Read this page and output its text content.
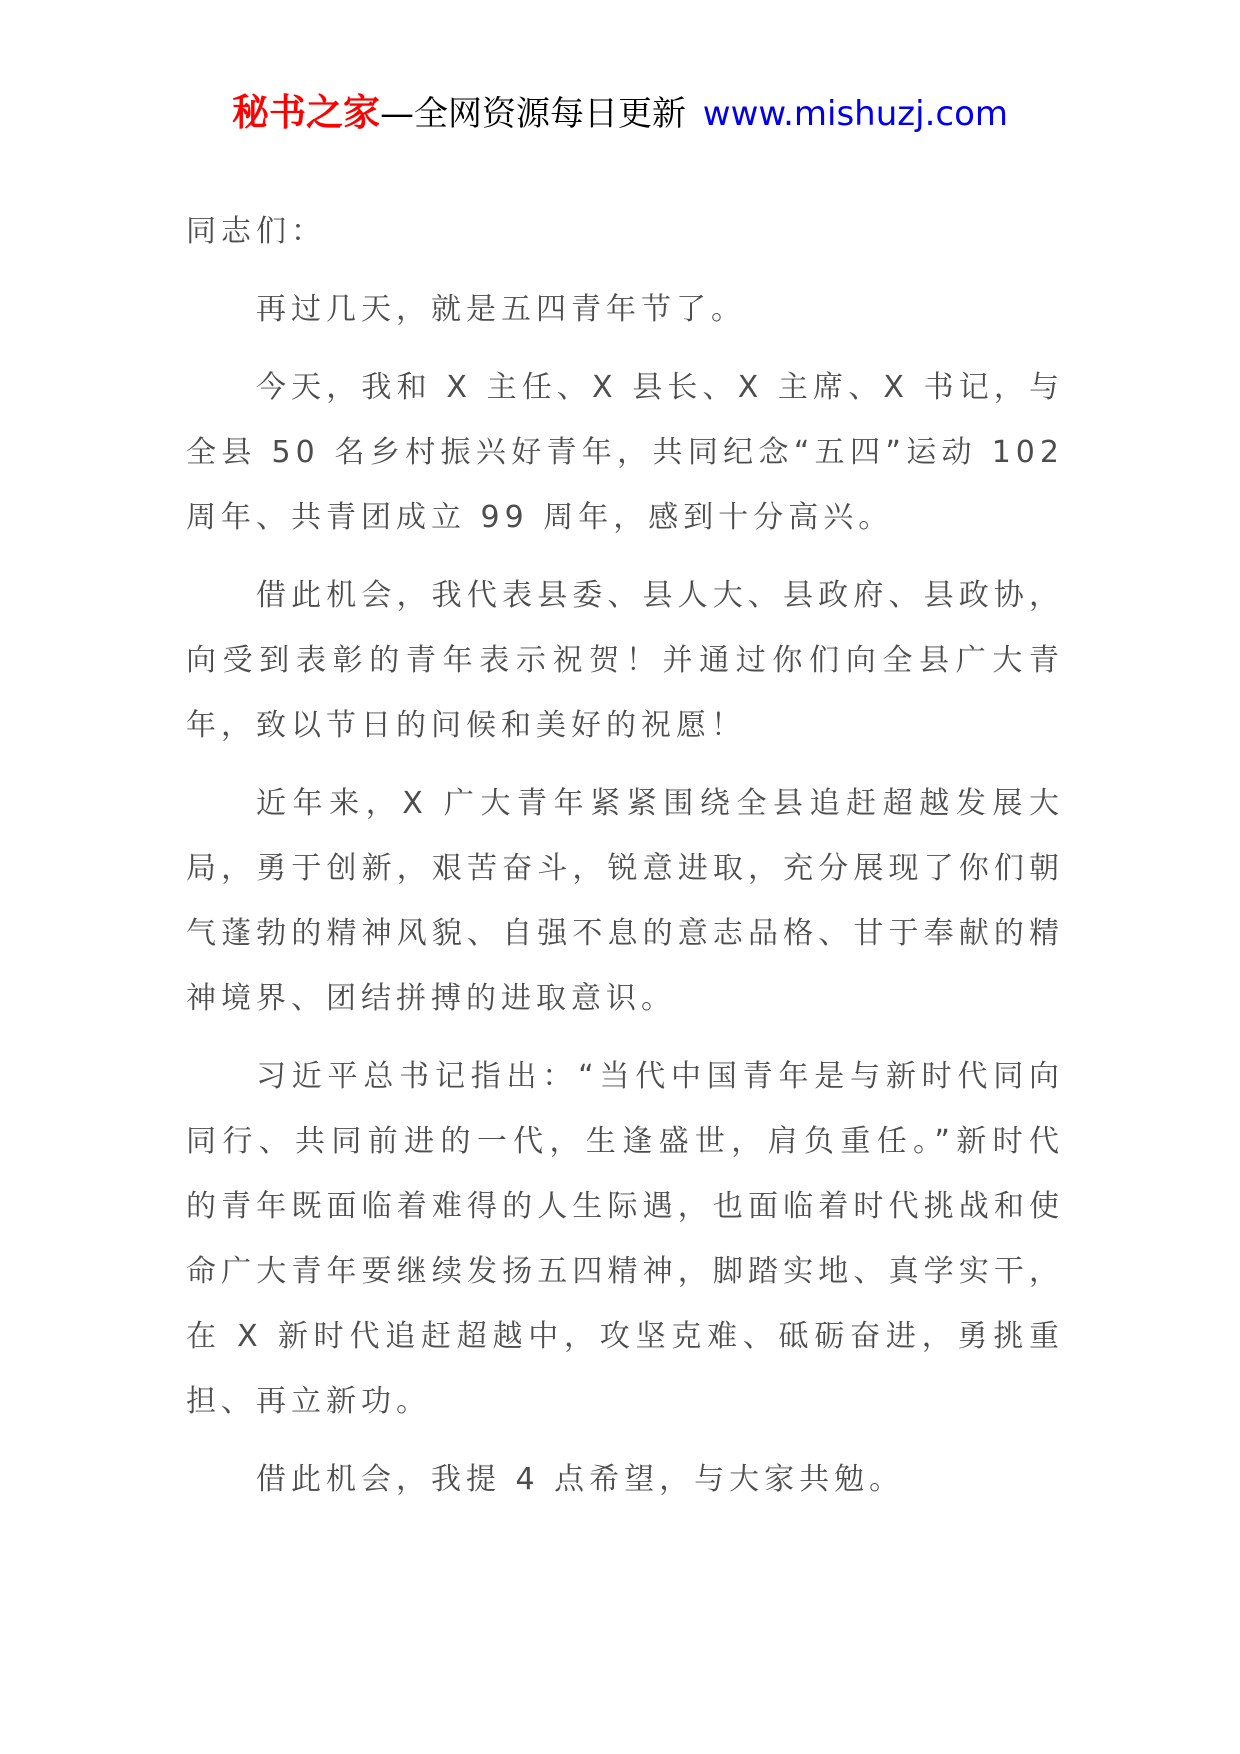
秘书之家—全网资源每日更新 www.mishuzj.com

同志们：

再过几天，就是五四青年节了。

今天，我和 X 主任、X 县长、X 主席、X 书记，与全县 50 名乡村振兴好青年，共同纪念“五四”运动 102 周年、共青团成立 99 周年，感到十分高兴。

借此机会，我代表县委、县人大、县政府、县政协，向受到表彰的青年表示祝贺！并通过你们向全县广大青年，致以节日的问候和美好的祝愿！

近年来，X 广大青年紧紧围绕全县追赶超越发展大局，勇于创新，艰苦奋斗，锐意进取，充分展现了你们朝气蓬勃的精神风貌、自强不息的意志品格、甘于奉献的精神境界、团结拼搏的进取意识。

习近平总书记指出：“当代中国青年是与新时代同向同行、共同前进的一代，生逢盛世，肩负重任。”新时代的青年既面临着难得的人生际遇，也面临着时代挑战和使命广大青年要继续发扬五四精神，脚踏实地、真学实干，在 X 新时代追赶超越中，攻坚克难、砥砺奋进，勇挑重担、再立新功。

借此机会，我提 4 点希望，与大家共勉。
